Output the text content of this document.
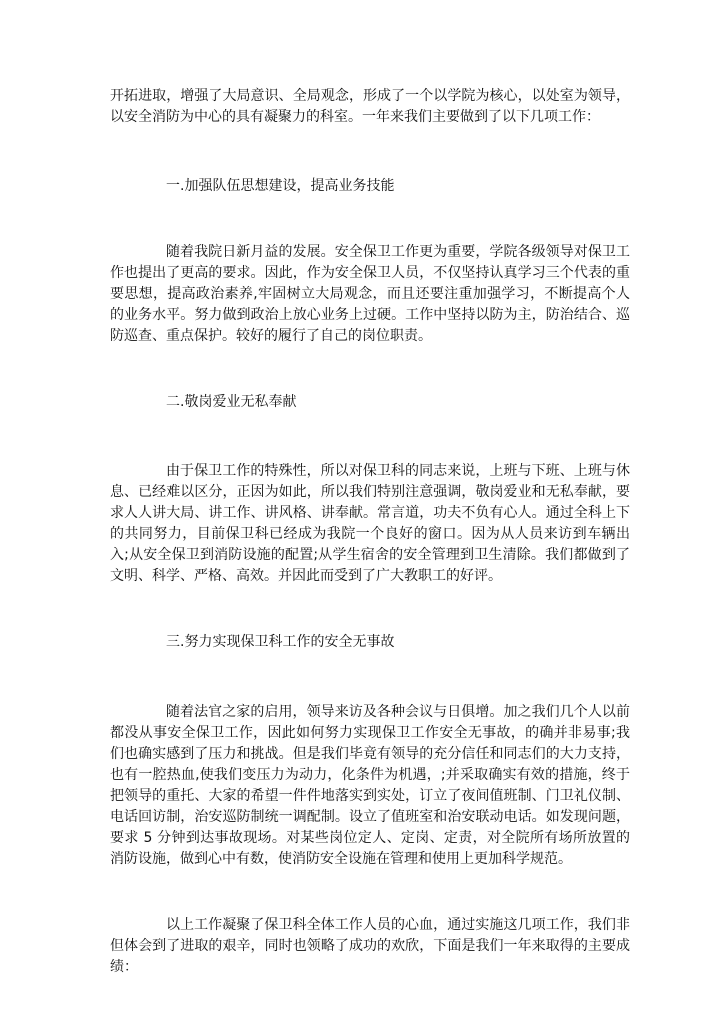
开拓进取，增强了大局意识、全局观念，形成了一个以学院为核心，以处室为领导，以安全消防为中心的具有凝聚力的科室。一年来我们主要做到了以下几项工作：

一.加强队伍思想建设，提高业务技能

随着我院日新月益的发展。安全保卫工作更为重要，学院各级领导对保卫工作也提出了更高的要求。因此，作为安全保卫人员，不仅坚持认真学习三个代表的重要思想，提高政治素养,牢固树立大局观念，而且还要注重加强学习，不断提高个人的业务水平。努力做到政治上放心业务上过硬。工作中坚持以防为主，防治结合、巡防巡查、重点保护。较好的履行了自己的岗位职责。

二.敬岗爱业无私奉献

由于保卫工作的特殊性，所以对保卫科的同志来说，上班与下班、上班与休息、已经难以区分，正因为如此，所以我们特别注意强调，敬岗爱业和无私奉献，要求人人讲大局、讲工作、讲风格、讲奉献。常言道，功夫不负有心人。通过全科上下的共同努力，目前保卫科已经成为我院一个良好的窗口。因为从人员来访到车辆出入;从安全保卫到消防设施的配置;从学生宿舍的安全管理到卫生清除。我们都做到了文明、科学、严格、高效。并因此而受到了广大教职工的好评。

三.努力实现保卫科工作的安全无事故

随着法官之家的启用，领导来访及各种会议与日俱增。加之我们几个人以前都没从事安全保卫工作，因此如何努力实现保卫工作安全无事故，的确并非易事;我们也确实感到了压力和挑战。但是我们毕竟有领导的充分信任和同志们的大力支持，也有一腔热血,使我们变压力为动力，化条件为机遇，;并采取确实有效的措施，终于把领导的重托、大家的希望一件件地落实到实处，订立了夜间值班制、门卫礼仪制、电话回访制，治安巡防制统一调配制。设立了值班室和治安联动电话。如发现问题，要求 5 分钟到达事故现场。对某些岗位定人、定岗、定责，对全院所有场所放置的消防设施，做到心中有数，使消防安全设施在管理和使用上更加科学规范。

以上工作凝聚了保卫科全体工作人员的心血，通过实施这几项工作，我们非但体会到了进取的艰辛，同时也领略了成功的欢欣，下面是我们一年来取得的主要成绩：
